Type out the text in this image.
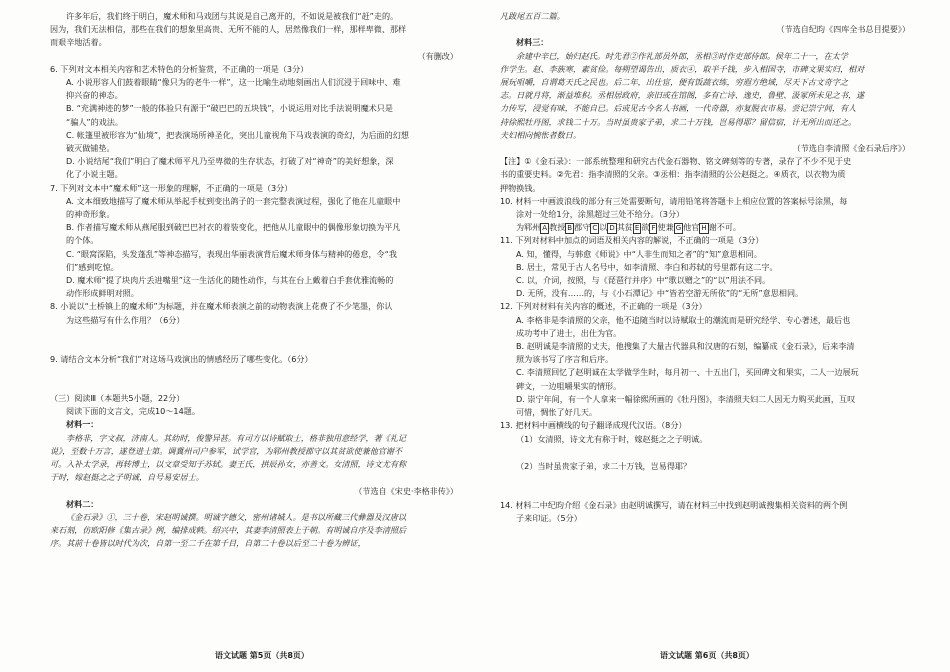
许多年后，我们终于明白，魔术师和马戏团与其说是自己离开的，不如说是被我们“赶”走的。

因为，我们无法相信，那些在我们的想象里高贵、无所不能的人，居然像我们一样，那样卑微、那样

而艰辛地活着。

（有删改）

6. 下列对文本相关内容和艺术特色的分析鉴赏，不正确的一项是（3分）

A. 小说形容人们鼓着眼睛“像只为的老牛一样”，这一比喻生动地刻画出人们沉浸于回味中、难

抑兴奋的神态。

B. “充满神迹的梦”一般的体验只有源于“破巴巴的五块钱”，小说运用对比手法说明魔术只是

“骗人”的戏法。

C. 帐篷里被形容为“仙境”，把表演场所神圣化，突出儿童视角下马戏表演的奇幻，为后面的幻想

破灭做铺垫。

D. 小说结尾“我们”明白了魔术师平凡乃至卑微的生存状态，打破了对“神奇”的美好想象，深

化了小说主题。

7. 下列对文本中“魔术师”这一形象的理解，不正确的一项是（3分）

A. 文本细致地描写了魔术师从举起手杖到变出鸽子的一套完整表演过程，强化了他在儿童眼中

的神奇形象。

B. 作者描写魔术师从燕尾服到破巴巴衬衣的着装变化，把他从儿童眼中的偶像形象切换为平凡

的个体。

C. “眼窝深陷，头发蓬乱”等神态描写，表现出华丽表演背后魔术师身体与精神的倦怠，令“我

们”感到吃惊。

D. 魔术师“提了块肉片丢进嘴里”这一生活化的随性动作，与其在台上戴着白手套优雅流畅的

动作形成鲜明对照。

8. 小说以“土桥镇上的魔术师”为标题，并在魔术师表演之前的动物表演上花费了不少笔墨，你认

为这些描写有什么作用？（6分）

9. 请结合文本分析“我们”对这场马戏演出的情感经历了哪些变化。（6分）

（三）阅读Ⅲ（本题共5小题，22分）

阅读下面的文言文，完成10～14题。

材料一：

李格非，字文叔，济南人。其幼时，俊警异甚。有司方以诗赋取士，格非独用意经学，著《礼记

说》，至数十万言，遂登进士第。调冀州司户参军，试学官，为郓州教授郡守以其贫欲使兼他官谢不

可。入补太学录，再转博士，以文章受知于苏轼。妻王氏，拱辰孙女，亦善文。女清照，诗文尤有称

于时，嫁赵挺之之子明诚，自号易安居士。

（节选自《宋史·李格非传》）

材料二：

《金石录》①，三十卷，宋赵明诚撰。明诚字德父，密州诸城人。是书以所藏三代彝器及汉唐以

来石刻，仿欧阳修《集古录》例，编排成帙。绍兴中，其妻李清照表上于朝。有明诚自序及李清照后

序。其前十卷皆以时代为次，自第一至二千在第千目，自第二十卷以后至二十卷为辨证，

语文试题 第5页（共8页）

凡跋尾五百二篇。

（节选自纪昀《四库全书总目提要》）

材料三：

余建中辛巳，始归赵氏。时先君②作礼部员外郎，丞相③时作吏部侍郎。侯年二十一，在太学

作学生。赵、李族寒，素贫俭。每朔望谒告出，质衣④，取半千钱，步入相国寺，市碑文果实归，相对

展玩咀嚼，自谓葛天氏之民也。后二年，出仕宦，便有饭蔬衣练，穷遐方绝域，尽天下古文奇字之

志。日就月将，渐益堆积。丞相居政府，亲旧或在馆阁，多有亡诗、逸史，鲁壁、汲冢所未见之书，遂

力传写，浸觉有味，不能自已。后或见古今名人书画，一代奇器，亦复脱衣市易。尝记崇宁间，有人

持徐熙牡丹图，求钱二十万。当时虽贵家子弟，求二十万钱，岂易得耶？留信宿，计无所出而还之。

夫妇相向惋怅者数日。

（节选自李清照《金石录后序》）

【注】①《金石录》：一部系统整理和研究古代金石器物、铭文碑刻等的专著，录存了不少不见于史

书的重要史料。②先君：指李清照的父亲。③丞相：指李清照的公公赵挺之。④质衣，以衣物为质

押物换钱。

10. 材料一中画波浪线的部分有三处需要断句，请用铅笔将答题卡上相应位置的答案标号涂黑，每

涂对一处给1分，涂黑超过三处不给分。（3分）

为郓州 A 教授 B 郡守 C 以 D 其贫 E 欲 F 使兼 G 他官 H 谢不可。

11. 下列对材料中加点的词语及相关内容的解说，不正确的一项是（3分）

A. 知，懂得，与韩愈《师说》中“人非生而知之者”的“知”意思相同。

B. 居士，常见于古人名号中，如李清照、李白和苏轼的号里都有这二字。

C. 以，介词，按照，与《琵琶行并序》中“歌以赠之”的“以”用法不同。

D. 无所，没有……的，与《小石潭记》中“皆若空游无所依”的“无所”意思相同。

12. 下列对材料有关内容的概述，不正确的一项是（3分）

A. 李格非是李清照的父亲，他不追随当时以诗赋取士的潮流而是研究经学、专心著述，最后也

成功考中了进士，出仕为官。

B. 赵明诚是李清照的丈夫，他搜集了大量古代器具和汉唐的石刻，编纂成《金石录》，后来李清

照为该书写了序言和后序。

C. 李清照回忆了赵明诚在太学做学生时，每月初一、十五出门，买回碑文和果实，二人一边展玩

碑文，一边咀嚼果实的情形。

D. 崇宁年间，有一个人拿来一幅徐熙所画的《牡丹图》，李清照夫妇二人因无力购买此画，互叹

可惜，惆怅了好几天。

13. 把材料中画横线的句子翻译成现代汉语。（8分）

（1）女清照，诗文尤有称于时，嫁赵挺之之子明诚。

（2）当时虽贵家子弟，求二十万钱，岂易得耶？

14. 材料二中纪昀介绍《金石录》由赵明诚撰写，请在材料三中找到赵明诚搜集相关资料的两个例

子来印证。（5分）

语文试题 第6页（共8页）
